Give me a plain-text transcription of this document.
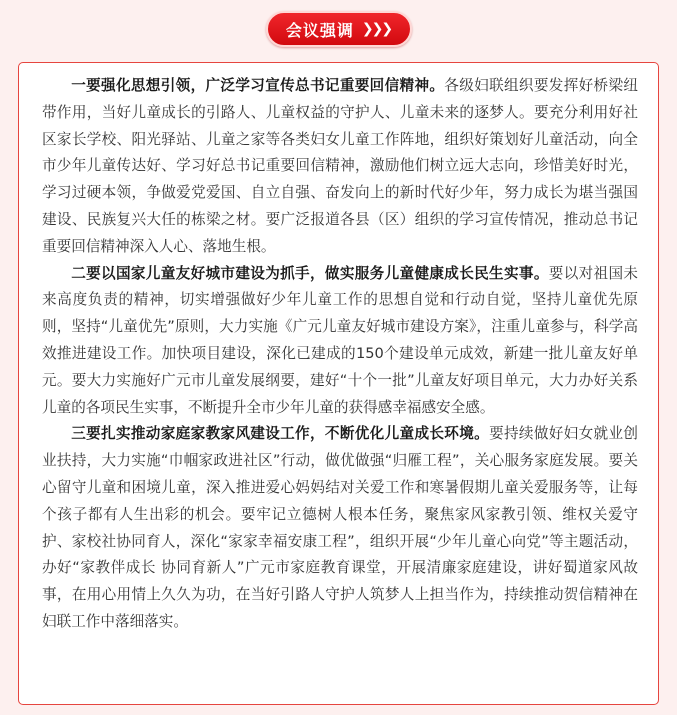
会议强调 ❯❯❯

一要强化思想引领，广泛学习宣传总书记重要回信精神。各级妇联组织要发挥好桥梁纽带作用，当好儿童成长的引路人、儿童权益的守护人、儿童未来的逐梦人。要充分利用好社区家长学校、阳光驿站、儿童之家等各类妇女儿童工作阵地，组织好策划好儿童活动，向全市少年儿童传达好、学习好总书记重要回信精神，激励他们树立远大志向，珍惜美好时光，学习过硬本领，争做爱党爱国、自立自强、奋发向上的新时代好少年，努力成长为堪当强国建设、民族复兴大任的栋梁之材。要广泛报道各县（区）组织的学习宣传情况，推动总书记重要回信精神深入人心、落地生根。

二要以国家儿童友好城市建设为抓手，做实服务儿童健康成长民生实事。要以对祖国未来高度负责的精神，切实增强做好少年儿童工作的思想自觉和行动自觉，坚持儿童优先原则，坚持“儿童优先”原则，大力实施《广元儿童友好城市建设方案》，注重儿童参与，科学高效推进建设工作。加快项目建设，深化已建成的150个建设单元成效，新建一批儿童友好单元。要大力实施好广元市儿童发展纲要，建好“十个一批”儿童友好项目单元，大力办好关系儿童的各项民生实事，不断提升全市少年儿童的获得感幸福感安全感。

三要扎实推动家庭家教家风建设工作，不断优化儿童成长环境。要持续做好妇女就业创业扶持，大力实施“巾帼家政进社区”行动，做优做强“归雁工程”，关心服务家庭发展。要关心留守儿童和困境儿童，深入推进爱心妈妈结对关爱工作和寒暑假期儿童关爱服务等，让每个孩子都有人生出彩的机会。要牢记立德树人根本任务，聚焦家风家教引领、维权关爱守护、家校社协同育人，深化“家家幸福安康工程”，组织开展“少年儿童心向党”等主题活动，办好“家教伴成长 协同育新人”广元市家庭教育课堂，开展清廉家庭建设，讲好蜀道家风故事，在用心用情上久久为功，在当好引路人守护人筑梦人上担当作为，持续推动贺信精神在妇联工作中落细落实。
